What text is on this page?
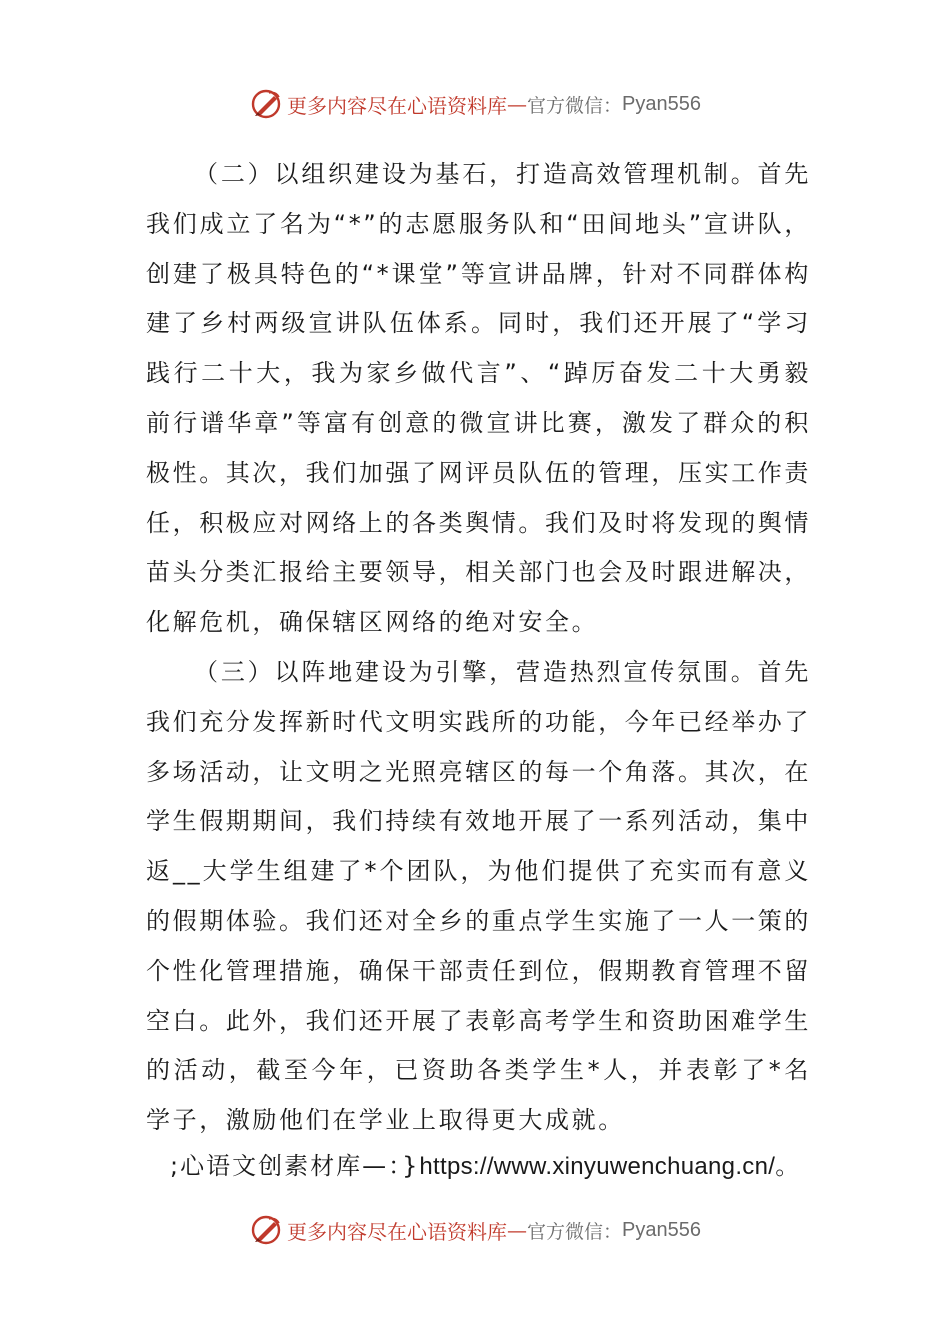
更多内容尽在心语资料库 — 官方微信： Pyan556

（二）以组织建设为基石，打造高效管理机制。首先我们成立了名为“*”的志愿服务队和“田间地头”宣讲队，创建了极具特色的“*课堂”等宣讲品牌，针对不同群体构建了乡村两级宣讲队伍体系。同时，我们还开展了“学习践行二十大，我为家乡做代言”、“踔厉奋发二十大勇毅前行谱华章”等富有创意的微宣讲比赛，激发了群众的积极性。其次，我们加强了网评员队伍的管理，压实工作责任，积极应对网络上的各类舆情。我们及时将发现的舆情苗头分类汇报给主要领导，相关部门也会及时跟进解决，化解危机，确保辖区网络的绝对安全。

（三）以阵地建设为引擎，营造热烈宣传氛围。首先我们充分发挥新时代文明实践所的功能，今年已经举办了多场活动，让文明之光照亮辖区的每一个角落。其次，在学生假期期间，我们持续有效地开展了一系列活动，集中返__大学生组建了*个团队，为他们提供了充实而有意义的假期体验。我们还对全乡的重点学生实施了一人一策的个性化管理措施，确保干部责任到位，假期教育管理不留空白。此外，我们还开展了表彰高考学生和资助困难学生的活动，截至今年，已资助各类学生*人，并表彰了*名学子，激励他们在学业上取得更大成就。

;心语文创素材库—：}https://www.xinyuwenchuang.cn/。
更多内容尽在心语资料库 — 官方微信： Pyan556
